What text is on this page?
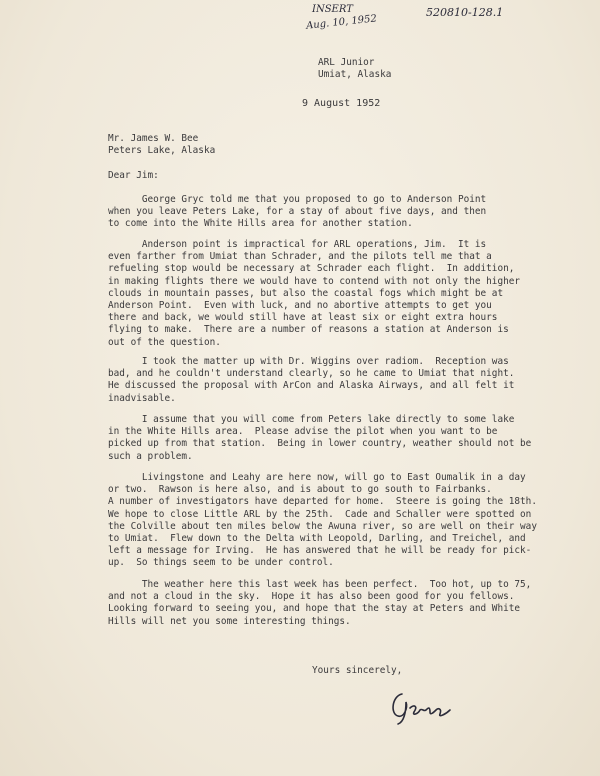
INSERT
Aug. 10, 1952
520810-128.1
ARL Junior
Umiat, Alaska
9 August 1952
Mr. James W. Bee
Peters Lake, Alaska
Dear Jim:
George Gryc told me that you proposed to go to Anderson Point
when you leave Peters Lake, for a stay of about five days, and then
to come into the White Hills area for another station.
Anderson point is impractical for ARL operations, Jim.  It is
even farther from Umiat than Schrader, and the pilots tell me that a
refueling stop would be necessary at Schrader each flight.  In addition,
in making flights there we would have to contend with not only the higher
clouds in mountain passes, but also the coastal fogs which might be at
Anderson Point.  Even with luck, and no abortive attempts to get you
there and back, we would still have at least six or eight extra hours
flying to make.  There are a number of reasons a station at Anderson is
out of the question.
I took the matter up with Dr. Wiggins over radiom.  Reception was
bad, and he couldn't understand clearly, so he came to Umiat that night.
He discussed the proposal with ArCon and Alaska Airways, and all felt it
inadvisable.
I assume that you will come from Peters lake directly to some lake
in the White Hills area.  Please advise the pilot when you want to be
picked up from that station.  Being in lower country, weather should not be
such a problem.
Livingstone and Leahy are here now, will go to East Oumalik in a day
or two.  Rawson is here also, and is about to go south to Fairbanks.
A number of investigators have departed for home.  Steere is going the 18th.
We hope to close Little ARL by the 25th.  Cade and Schaller were spotted on
the Colville about ten miles below the Awuna river, so are well on their way
to Umiat.  Flew down to the Delta with Leopold, Darling, and Treichel, and
left a message for Irving.  He has answered that he will be ready for pick-
up.  So things seem to be under control.
The weather here this last week has been perfect.  Too hot, up to 75,
and not a cloud in the sky.  Hope it has also been good for you fellows.
Looking forward to seeing you, and hope that the stay at Peters and White
Hills will net you some interesting things.
Yours sincerely,
